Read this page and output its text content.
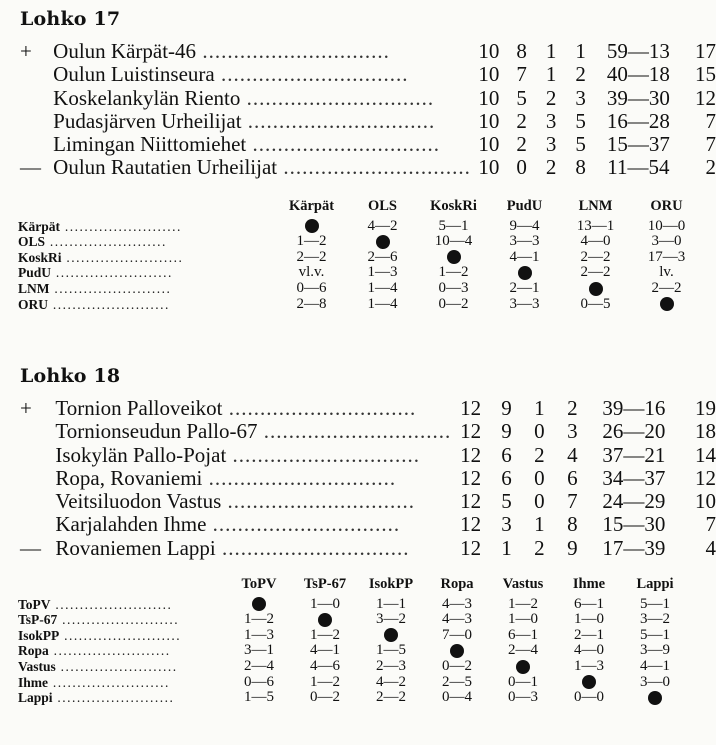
Lohko 17
+	Oulun Kärpät-46 ..............................	10	8	1	1	59—13	17
	Oulun Luistinseura ..............................	10	7	1	2	40—18	15
	Koskelankylän Riento ..............................	10	5	2	3	39—30	12
	Pudasjärven Urheilijat ..............................	10	2	3	5	16—28	7
	Limingan Niittomiehet ..............................	10	2	3	5	15—37	7
—	Oulun Rautatien Urheilijat ..............................	10	0	2	8	11—54	2
	Kärpät	OLS	KoskRi	PudU	LNM	ORU
Kärpät ........................		4—2	5—1	9—4	13—1	10—0
OLS ........................	1—2		10—4	3—3	4—0	3—0
KoskRi ........................	2—2	2—6		4—1	2—2	17—3
PudU ........................	vl.v.	1—3	1—2		2—2	lv.
LNM ........................	0—6	1—4	0—3	2—1		2—2
ORU ........................	2—8	1—4	0—2	3—3	0—5	
Lohko 18
+	Tornion Palloveikot ..............................	12	9	1	2	39—16	19
	Tornionseudun Pallo-67 ..............................	12	9	0	3	26—20	18
	Isokylän Pallo-Pojat ..............................	12	6	2	4	37—21	14
	Ropa, Rovaniemi ..............................	12	6	0	6	34—37	12
	Veitsiluodon Vastus ..............................	12	5	0	7	24—29	10
	Karjalahden Ihme ..............................	12	3	1	8	15—30	7
—	Rovaniemen Lappi ..............................	12	1	2	9	17—39	4
	ToPV	TsP-67	IsokPP	Ropa	Vastus	Ihme	Lappi
ToPV ........................		1—0	1—1	4—3	1—2	6—1	5—1
TsP-67 ........................	1—2		3—2	4—3	1—0	1—0	3—2
IsokPP ........................	1—3	1—2		7—0	6—1	2—1	5—1
Ropa ........................	3—1	4—1	1—5		2—4	4—0	3—9
Vastus ........................	2—4	4—6	2—3	0—2		1—3	4—1
Ihme ........................	0—6	1—2	4—2	2—5	0—1		3—0
Lappi ........................	1—5	0—2	2—2	0—4	0—3	0—0	
